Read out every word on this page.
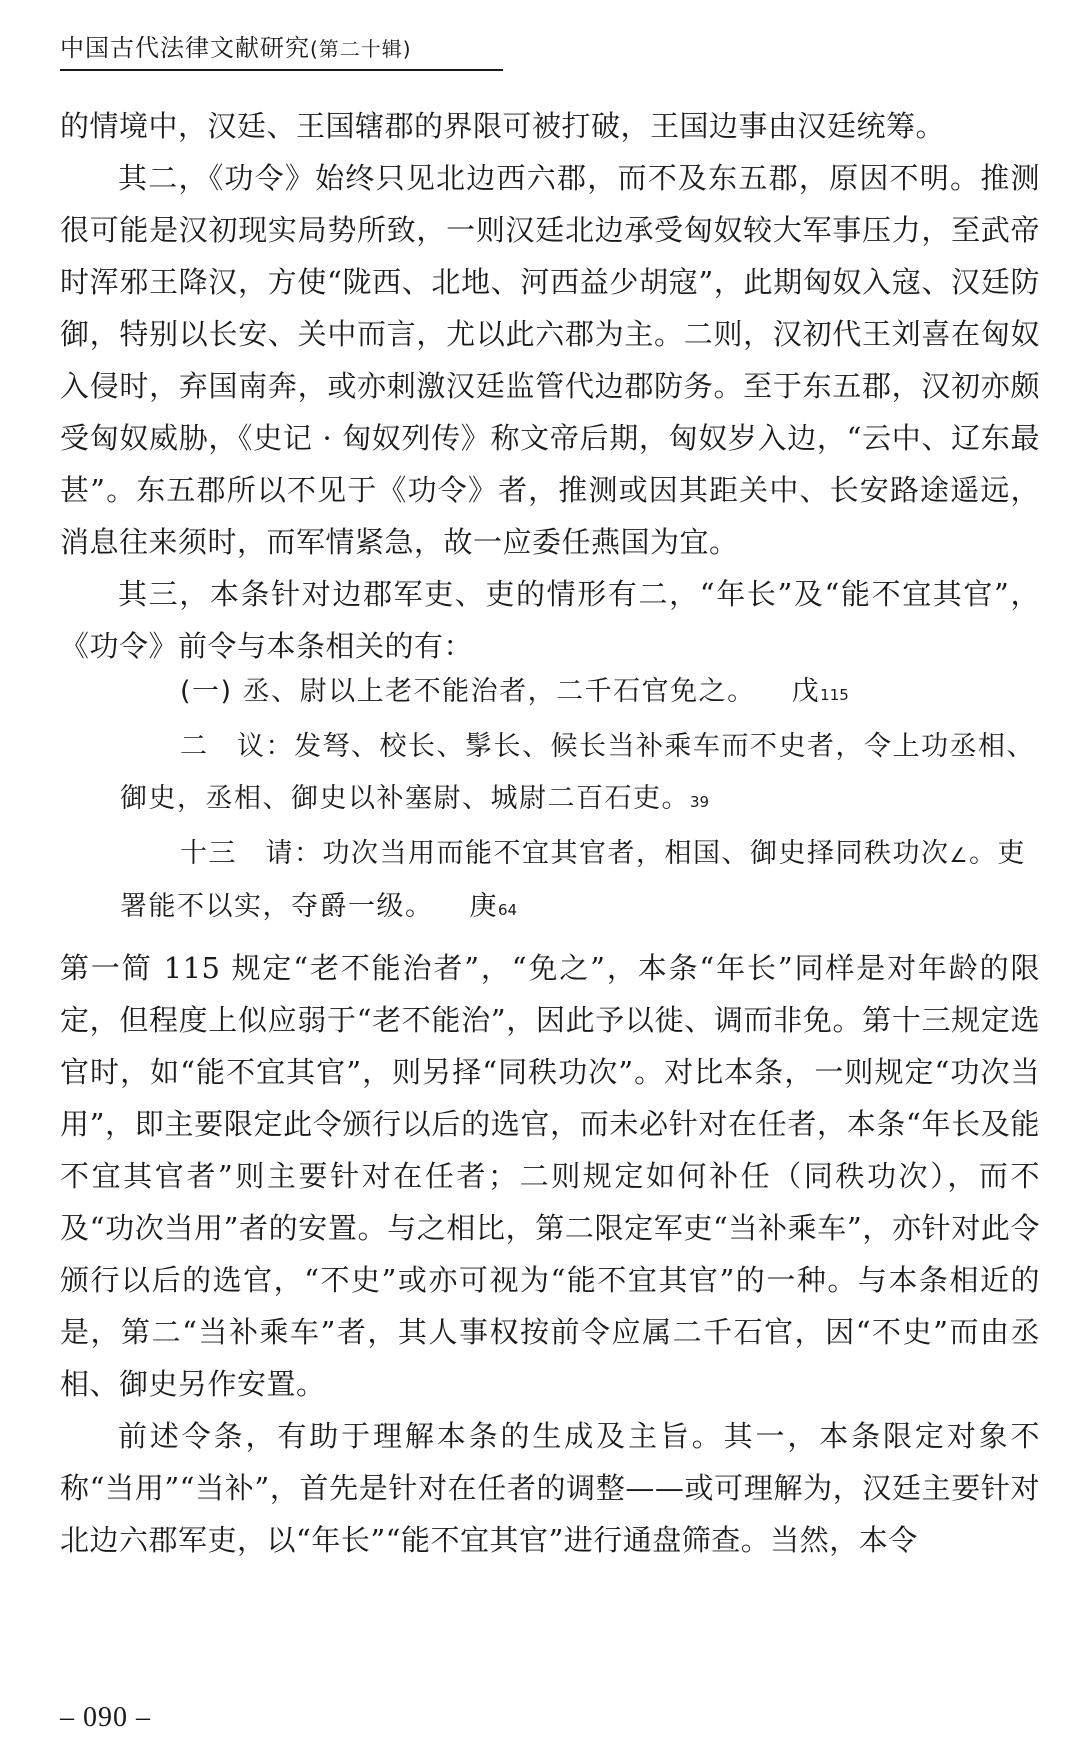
中国古代法律文献研究(第二十辑)

的情境中，汉廷、王国辖郡的界限可被打破，王国边事由汉廷统筹。

其二，《功令》始终只见北边西六郡，而不及东五郡，原因不明。推测很可能是汉初现实局势所致，一则汉廷北边承受匈奴较大军事压力，至武帝时浑邪王降汉，方使“陇西、北地、河西益少胡寇”，此期匈奴入寇、汉廷防御，特别以长安、关中而言，尤以此六郡为主。二则，汉初代王刘喜在匈奴入侵时，弃国南奔，或亦刺激汉廷监管代边郡防务。至于东五郡，汉初亦颇受匈奴威胁，《史记 · 匈奴列传》称文帝后期，匈奴岁入边，“云中、辽东最甚”。东五郡所以不见于《功令》者，推测或因其距关中、长安路途遥远，消息往来须时，而军情紧急，故一应委任燕国为宜。

其三，本条针对边郡军吏、吏的情形有二，“年长”及“能不宜其官”，《功令》前令与本条相关的有：

(一) 丞、尉以上老不能治者，二千石官免之。 戊115

二　议：发弩、校长、髳长、候长当补乘车而不史者，令上功丞相、御史，丞相、御史以补塞尉、城尉二百石吏。39

十三　请：功次当用而能不宜其官者，相国、御史择同秩功次∠。吏署能不以实，夺爵一级。 庚64

第一简 115 规定“老不能治者”，“免之”，本条“年长”同样是对年龄的限定，但程度上似应弱于“老不能治”，因此予以徙、调而非免。第十三规定选官时，如“能不宜其官”，则另择“同秩功次”。对比本条，一则规定“功次当用”，即主要限定此令颁行以后的选官，而未必针对在任者，本条“年长及能不宜其官者”则主要针对在任者；二则规定如何补任（同秩功次），而不及“功次当用”者的安置。与之相比，第二限定军吏“当补乘车”，亦针对此令颁行以后的选官，“不史”或亦可视为“能不宜其官”的一种。与本条相近的是，第二“当补乘车”者，其人事权按前令应属二千石官，因“不史”而由丞相、御史另作安置。

前述令条，有助于理解本条的生成及主旨。其一，本条限定对象不称“当用”“当补”，首先是针对在任者的调整——或可理解为，汉廷主要针对北边六郡军吏，以“年长”“能不宜其官”进行通盘筛查。当然，本令

– 090 –
